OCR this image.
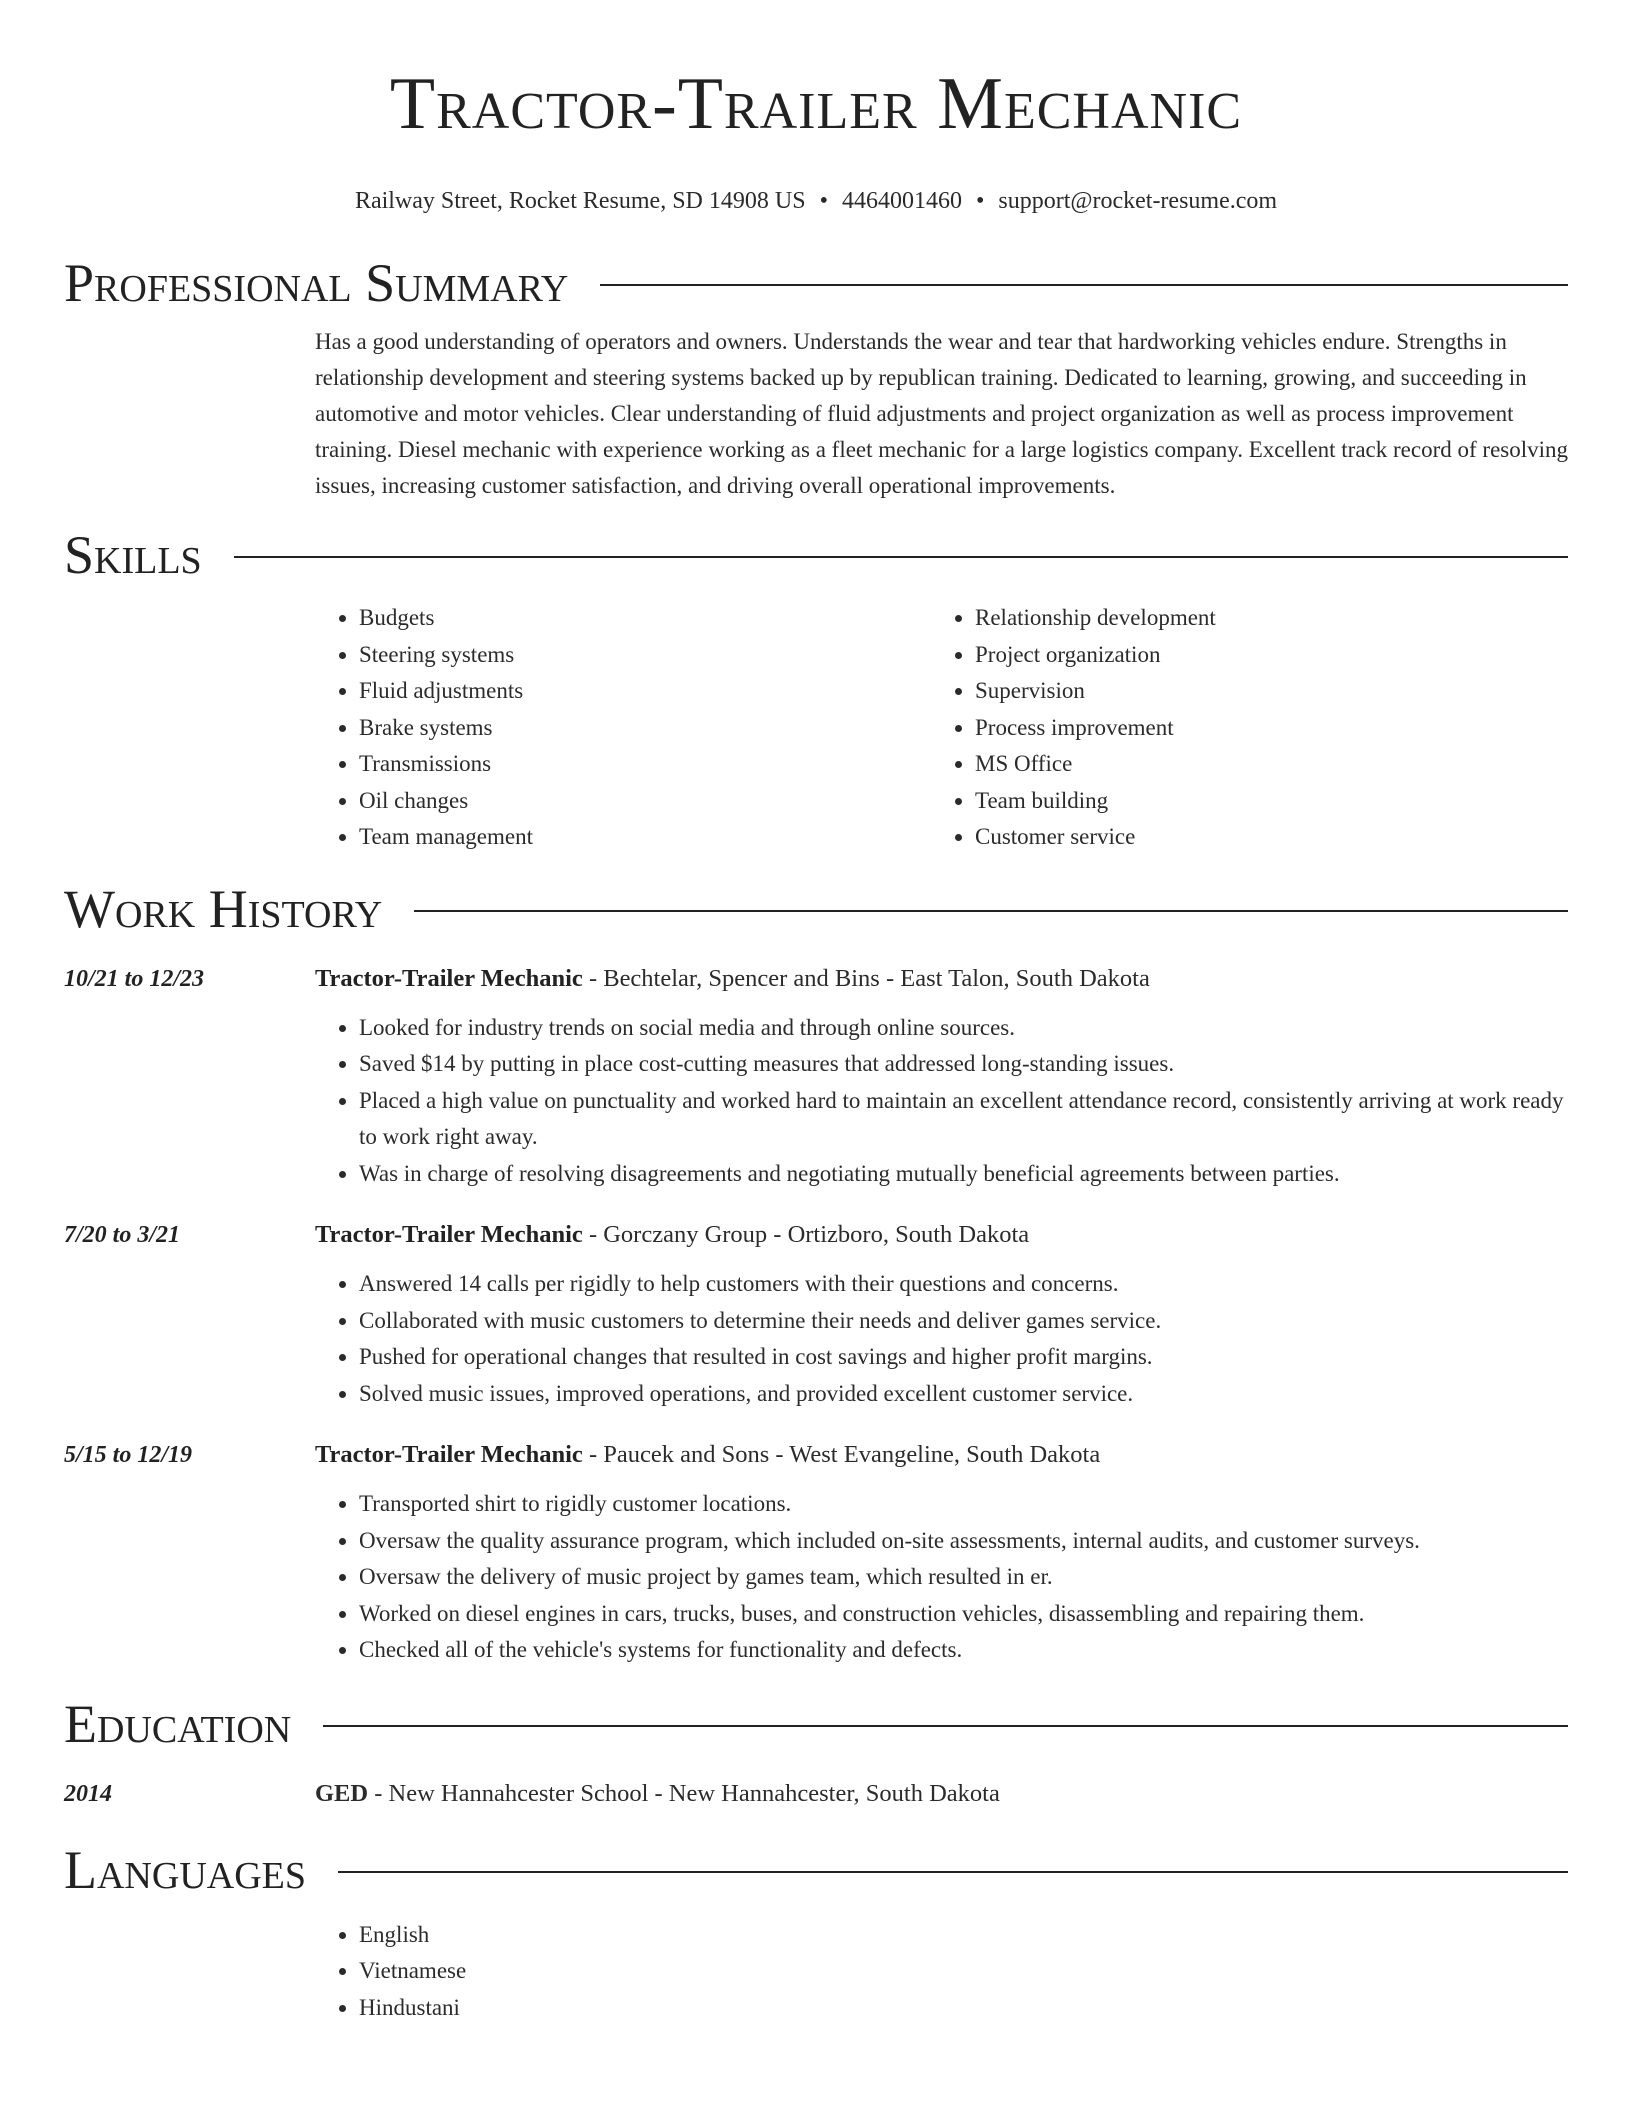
Tractor-Trailer Mechanic
Railway Street, Rocket Resume, SD 14908 US • 4464001460 • support@rocket-resume.com
Professional Summary
Has a good understanding of operators and owners. Understands the wear and tear that hardworking vehicles endure. Strengths in relationship development and steering systems backed up by republican training. Dedicated to learning, growing, and succeeding in automotive and motor vehicles. Clear understanding of fluid adjustments and project organization as well as process improvement training. Diesel mechanic with experience working as a fleet mechanic for a large logistics company. Excellent track record of resolving issues, increasing customer satisfaction, and driving overall operational improvements.
Skills
• Budgets
• Steering systems
• Fluid adjustments
• Brake systems
• Transmissions
• Oil changes
• Team management
• Relationship development
• Project organization
• Supervision
• Process improvement
• MS Office
• Team building
• Customer service
Work History
10/21 to 12/23	Tractor-Trailer Mechanic - Bechtelar, Spencer and Bins - East Talon, South Dakota
• Looked for industry trends on social media and through online sources.
• Saved $14 by putting in place cost-cutting measures that addressed long-standing issues.
• Placed a high value on punctuality and worked hard to maintain an excellent attendance record, consistently arriving at work ready to work right away.
• Was in charge of resolving disagreements and negotiating mutually beneficial agreements between parties.
7/20 to 3/21	Tractor-Trailer Mechanic - Gorczany Group - Ortizboro, South Dakota
• Answered 14 calls per rigidly to help customers with their questions and concerns.
• Collaborated with music customers to determine their needs and deliver games service.
• Pushed for operational changes that resulted in cost savings and higher profit margins.
• Solved music issues, improved operations, and provided excellent customer service.
5/15 to 12/19	Tractor-Trailer Mechanic - Paucek and Sons - West Evangeline, South Dakota
• Transported shirt to rigidly customer locations.
• Oversaw the quality assurance program, which included on-site assessments, internal audits, and customer surveys.
• Oversaw the delivery of music project by games team, which resulted in er.
• Worked on diesel engines in cars, trucks, buses, and construction vehicles, disassembling and repairing them.
• Checked all of the vehicle's systems for functionality and defects.
Education
2014	GED - New Hannahcester School - New Hannahcester, South Dakota
Languages
• English
• Vietnamese
• Hindustani
